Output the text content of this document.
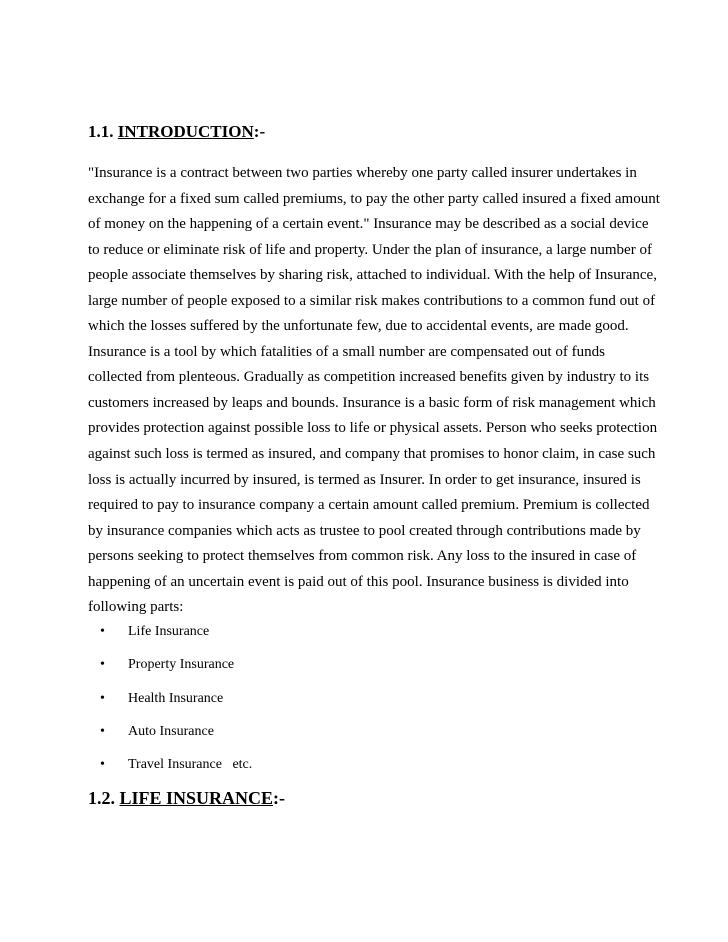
1.1. INTRODUCTION:-

"Insurance is a contract between two parties whereby one party called insurer undertakes in
exchange for a fixed sum called premiums, to pay the other party called insured a fixed amount
of money on the happening of a certain event." Insurance may be described as a social device
to reduce or eliminate risk of life and property. Under the plan of insurance, a large number of
people associate themselves by sharing risk, attached to individual. With the help of Insurance,
large number of people exposed to a similar risk makes contributions to a common fund out of
which the losses suffered by the unfortunate few, due to accidental events, are made good.
Insurance is a tool by which fatalities of a small number are compensated out of funds
collected from plenteous. Gradually as competition increased benefits given by industry to its
customers increased by leaps and bounds. Insurance is a basic form of risk management which
provides protection against possible loss to life or physical assets. Person who seeks protection
against such loss is termed as insured, and company that promises to honor claim, in case such
loss is actually incurred by insured, is termed as Insurer. In order to get insurance, insured is
required to pay to insurance company a certain amount called premium. Premium is collected
by insurance companies which acts as trustee to pool created through contributions made by
persons seeking to protect themselves from common risk. Any loss to the insured in case of
happening of an uncertain event is paid out of this pool. Insurance business is divided into
following parts:

• Life Insurance
• Property Insurance
• Health Insurance
• Auto Insurance
• Travel Insurance   etc.
1.2. LIFE INSURANCE:-
